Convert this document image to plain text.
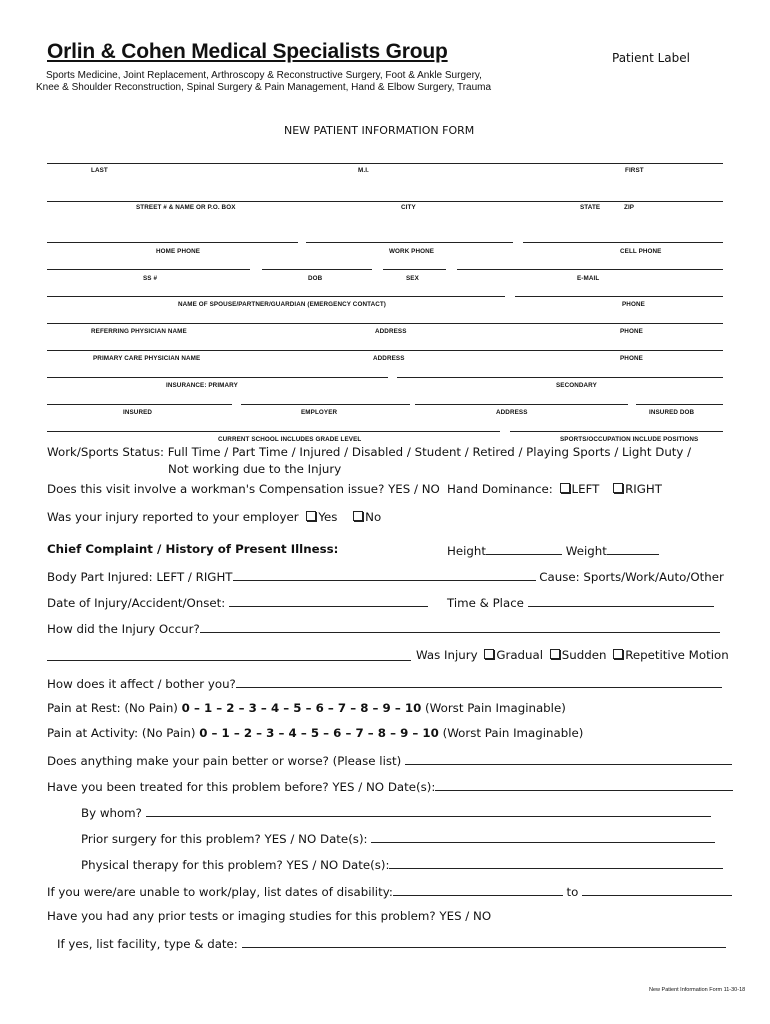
Orlin & Cohen Medical Specialists Group	Patient Label
Sports Medicine, Joint Replacement, Arthroscopy & Reconstructive Surgery, Foot & Ankle Surgery,
Knee & Shoulder Reconstruction, Spinal Surgery & Pain Management, Hand & Elbow Surgery, Trauma
NEW PATIENT INFORMATION FORM
LAST	M.I.	FIRST
STREET # & NAME OR P.O. BOX	CITY	STATE	ZIP
HOME PHONE	WORK PHONE	CELL PHONE
SS #	DOB	SEX	E-MAIL
NAME OF SPOUSE/PARTNER/GUARDIAN (EMERGENCY CONTACT)	PHONE
REFERRING PHYSICIAN NAME	ADDRESS	PHONE
PRIMARY CARE PHYSICIAN NAME	ADDRESS	PHONE
INSURANCE: PRIMARY	SECONDARY
INSURED	EMPLOYER	ADDRESS	INSURED DOB
CURRENT SCHOOL INCLUDES GRADE LEVEL	SPORTS/OCCUPATION INCLUDE POSITIONS
Work/Sports Status: Full Time / Part Time / Injured / Disabled / Student / Retired / Playing Sports / Light Duty /
Not working due to the Injury
Does this visit involve a workman's Compensation issue? YES / NO Hand Dominance: LEFT RIGHT
Was your injury reported to your employer Yes No
Chief Complaint / History of Present Illness:	Height	Weight
Body Part Injured: LEFT / RIGHT	Cause: Sports/Work/Auto/Other
Date of Injury/Accident/Onset:	Time & Place
How did the Injury Occur?
Was Injury Gradual Sudden Repetitive Motion
How does it affect / bother you?
Pain at Rest: (No Pain) 0 – 1 – 2 – 3 – 4 – 5 – 6 – 7 – 8 – 9 – 10 (Worst Pain Imaginable)
Pain at Activity: (No Pain) 0 – 1 – 2 – 3 – 4 – 5 – 6 – 7 – 8 – 9 – 10 (Worst Pain Imaginable)
Does anything make your pain better or worse? (Please list)
Have you been treated for this problem before? YES / NO Date(s):
By whom?
Prior surgery for this problem? YES / NO Date(s):
Physical therapy for this problem? YES / NO Date(s):
If you were/are unable to work/play, list dates of disability:	to
Have you had any prior tests or imaging studies for this problem? YES / NO
If yes, list facility, type & date:
New Patient Information Form 11-30-18
